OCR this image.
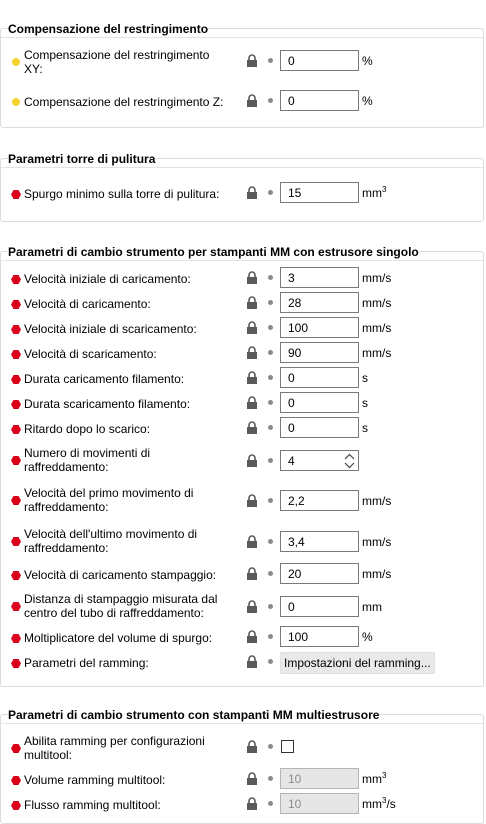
Compensazione del restringimento
Compensazione del restringimento
XY:
0	%
Compensazione del restringimento Z:	0	%
Parametri torre di pulitura
Spurgo minimo sulla torre di pulitura:	15	$mm^3$
Parametri di cambio strumento per stampanti MM con estrusore singolo
Velocità iniziale di caricamento:	3	mm/s
Velocità di caricamento:	28	mm/s
Velocità iniziale di scaricamento:	100	mm/s
Velocità di scaricamento:	90	mm/s
Durata caricamento filamento:	0	s
Durata scaricamento filamento:	0	s
Ritardo dopo lo scarico:	0	s
Numero di movimenti di
raffreddamento:	4
Velocità del primo movimento di
raffreddamento:	2,2	mm/s
Velocità dell'ultimo movimento di
raffreddamento:	3,4	mm/s
Velocità di caricamento stampaggio:	20	mm/s
Distanza di stampaggio misurata dal
centro del tubo di raffreddamento:	0	mm
Moltiplicatore del volume di spurgo:	100	%
Parametri del ramming:	Impostazioni del ramming...
Parametri di cambio strumento con stampanti MM multiestrusore
Abilita ramming per configurazioni
multitool:
Volume ramming multitool:	10	$mm^3$
Flusso ramming multitool:	10	$mm^3/s$
